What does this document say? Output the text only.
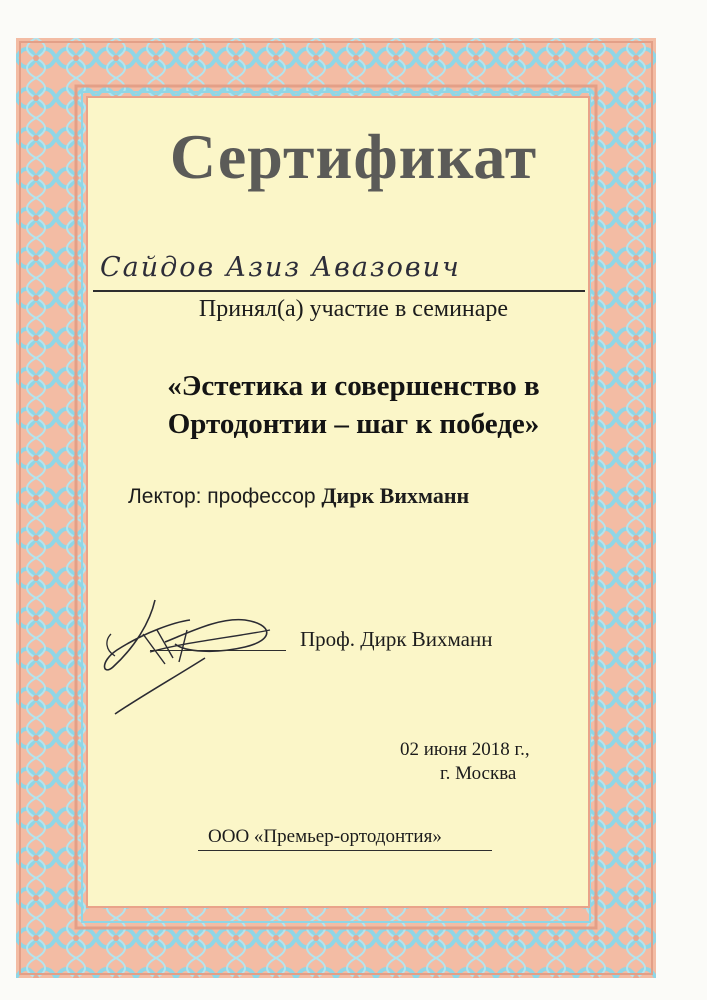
Сертификат
Сайдов Азиз Авазович
Принял(а) участие в семинаре
«Эстетика и совершенство в
Ортодонтии – шаг к победе»
Лектор: профессор Дирк Вихманн
Проф. Дирк Вихманн
02 июня 2018 г.,
г. Москва
ООО «Премьер-ортодонтия»
